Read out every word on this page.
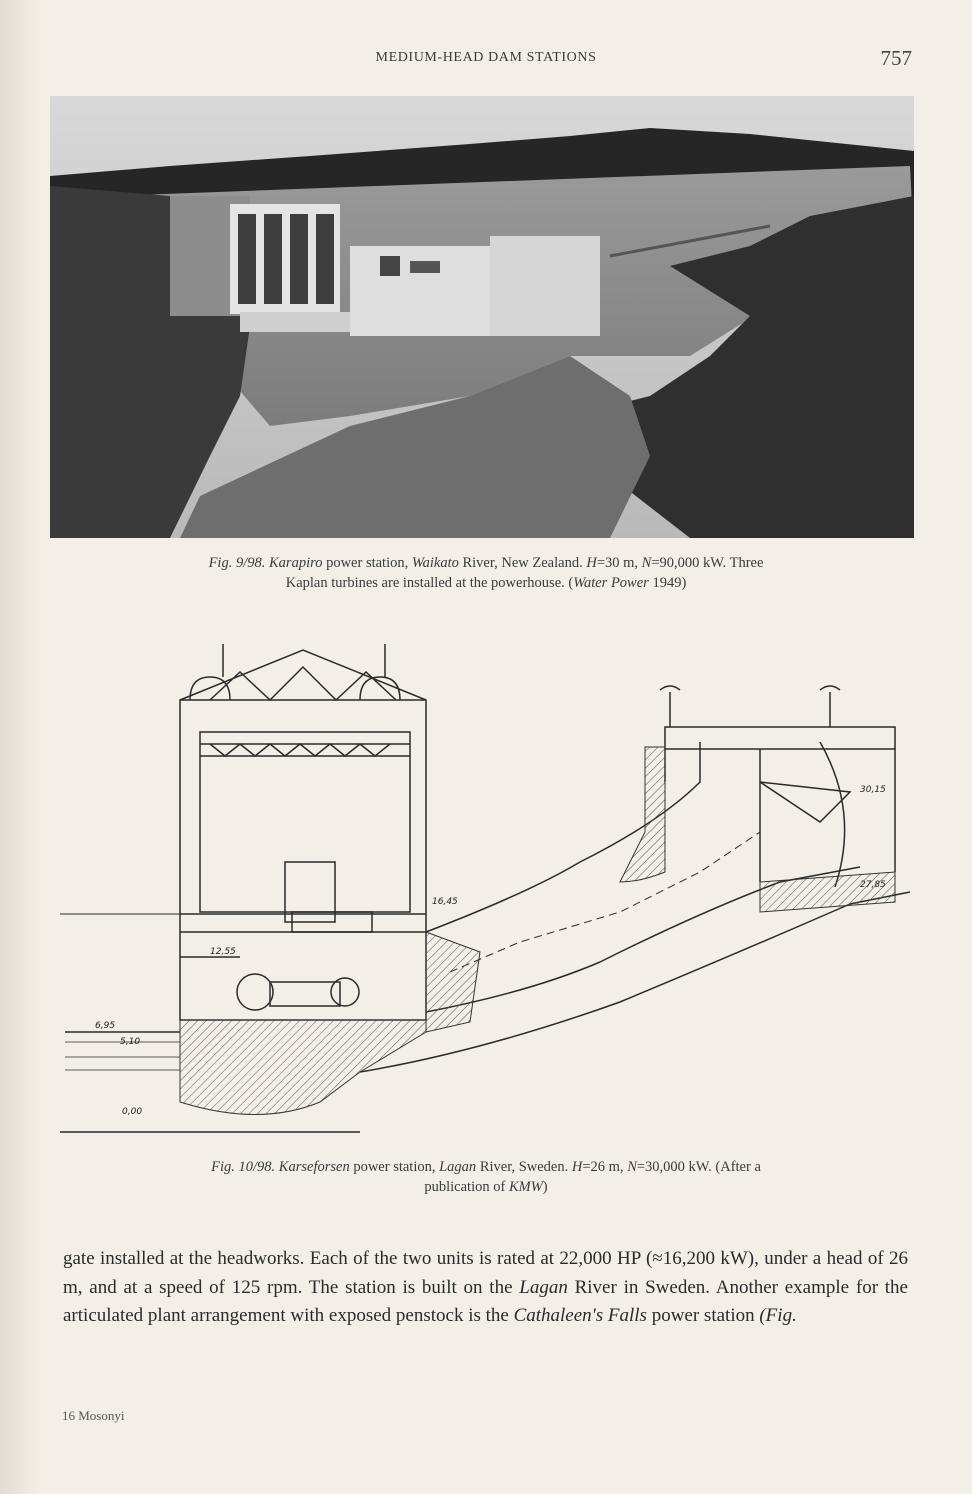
MEDIUM-HEAD DAM STATIONS	757
Fig. 9/98. Karapiro power station, Waikato River, New Zealand. H=30 m, N=90,000 kW. Three
Kaplan turbines are installed at the powerhouse. (Water Power 1949)
16,45
12,55
6,95
5,10
0,00
30,15
27,85
Fig. 10/98. Karseforsen power station, Lagan River, Sweden. H=26 m, N=30,000 kW. (After a
publication of KMW)
gate installed at the headworks. Each of the two units is rated at 22,000 HP (≈16,200 kW), under a head of 26 m, and at a speed of 125 rpm. The station is built on the Lagan River in Sweden. Another example for the articulated plant arrangement with exposed penstock is the Cathaleen's Falls power station (Fig.
16 Mosonyi
